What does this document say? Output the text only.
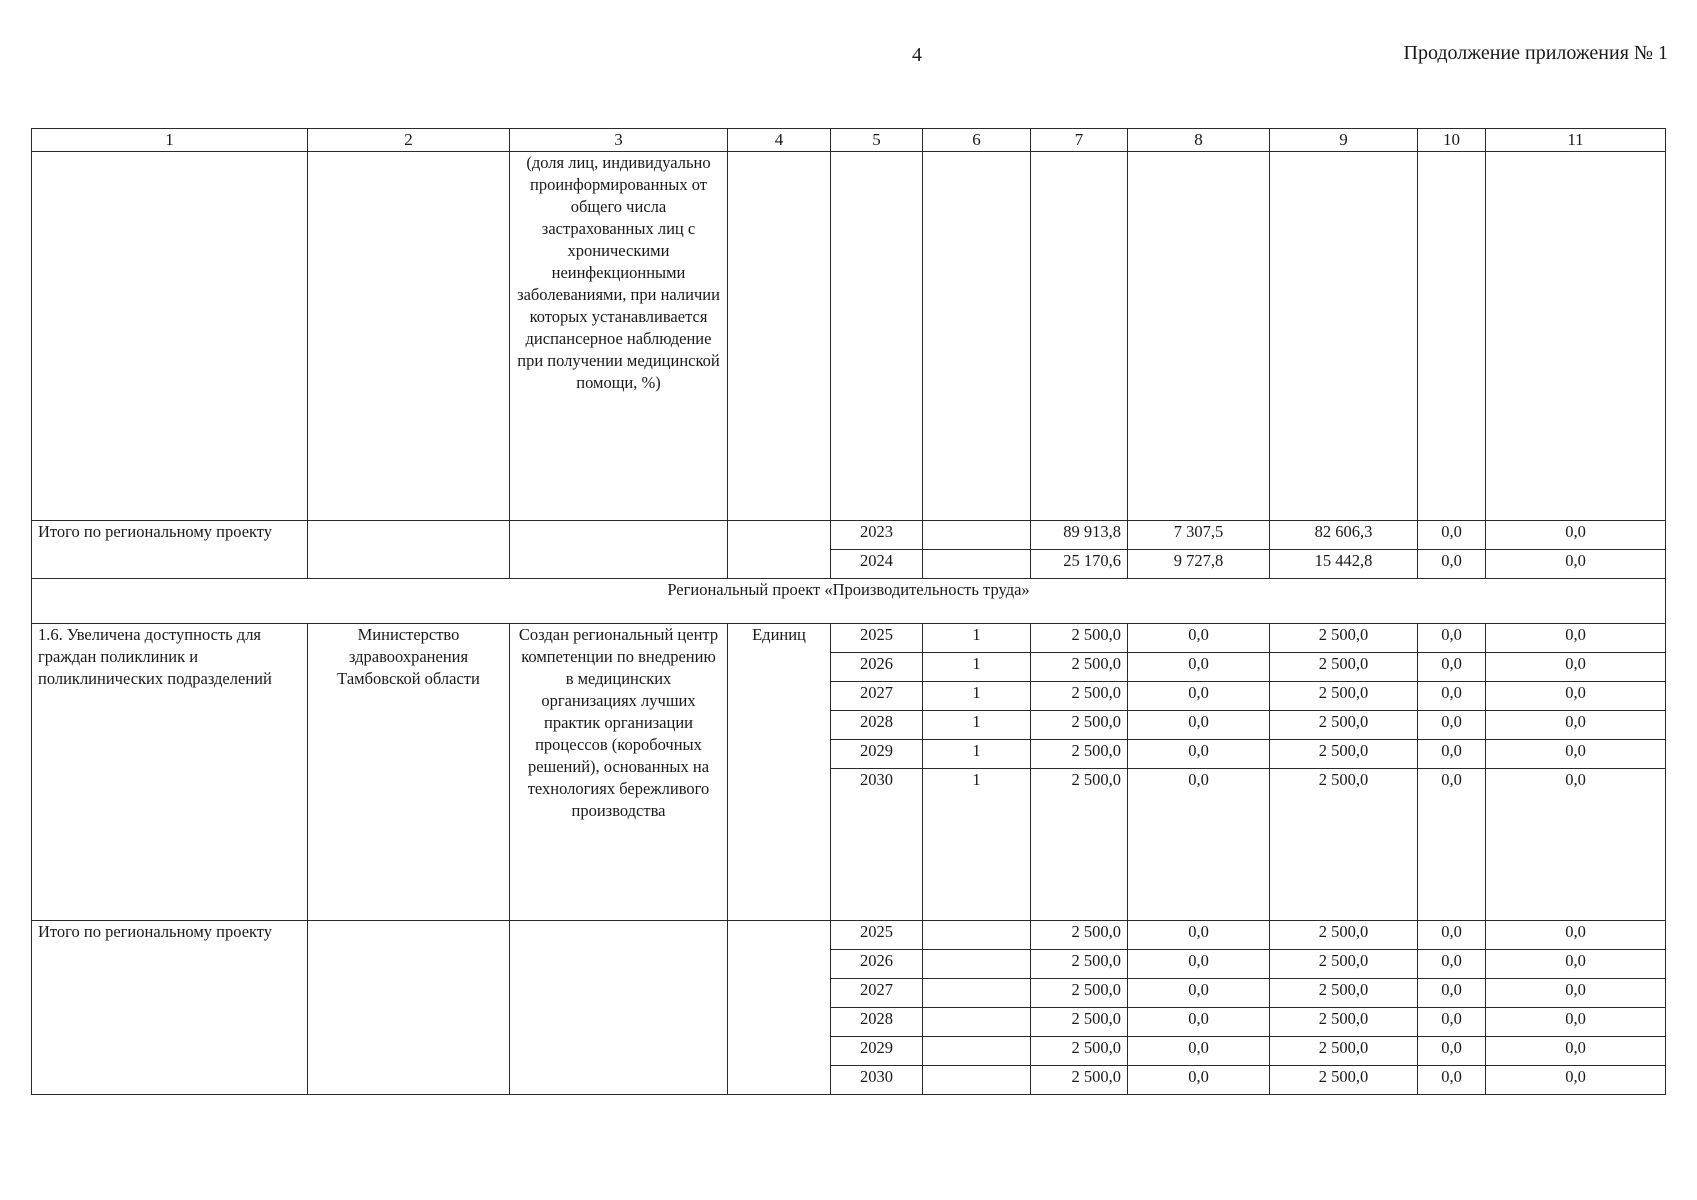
4	Продолжение приложения № 1
1	2	3	4	5	6	7	8	9	10	11
		(доля лиц, индивидуально проинформированных от общего числа застрахованных лиц с хроническими неинфекционными заболеваниями, при наличии которых устанавливается диспансерное наблюдение при получении медицинской помощи, %)								
Итого по региональному проекту				2023		89 913,8	7 307,5	82 606,3	0,0	0,0
				2024		25 170,6	9 727,8	15 442,8	0,0	0,0
Региональный проект «Производительность труда»										
1.6. Увеличена доступность для граждан поликлиник и поликлинических подразделений	Министерство здравоохранения Тамбовской области	Создан региональный центр компетенции по внедрению в медицинских организациях лучших практик организации процессов (коробочных решений), основанных на технологиях бережливого производства	Единиц	2025	1	2 500,0	0,0	2 500,0	0,0	0,0
				2026	1	2 500,0	0,0	2 500,0	0,0	0,0
				2027	1	2 500,0	0,0	2 500,0	0,0	0,0
				2028	1	2 500,0	0,0	2 500,0	0,0	0,0
				2029	1	2 500,0	0,0	2 500,0	0,0	0,0
				2030	1	2 500,0	0,0	2 500,0	0,0	0,0
Итого по региональному проекту				2025		2 500,0	0,0	2 500,0	0,0	0,0
				2026		2 500,0	0,0	2 500,0	0,0	0,0
				2027		2 500,0	0,0	2 500,0	0,0	0,0
				2028		2 500,0	0,0	2 500,0	0,0	0,0
				2029		2 500,0	0,0	2 500,0	0,0	0,0
				2030		2 500,0	0,0	2 500,0	0,0	0,0
